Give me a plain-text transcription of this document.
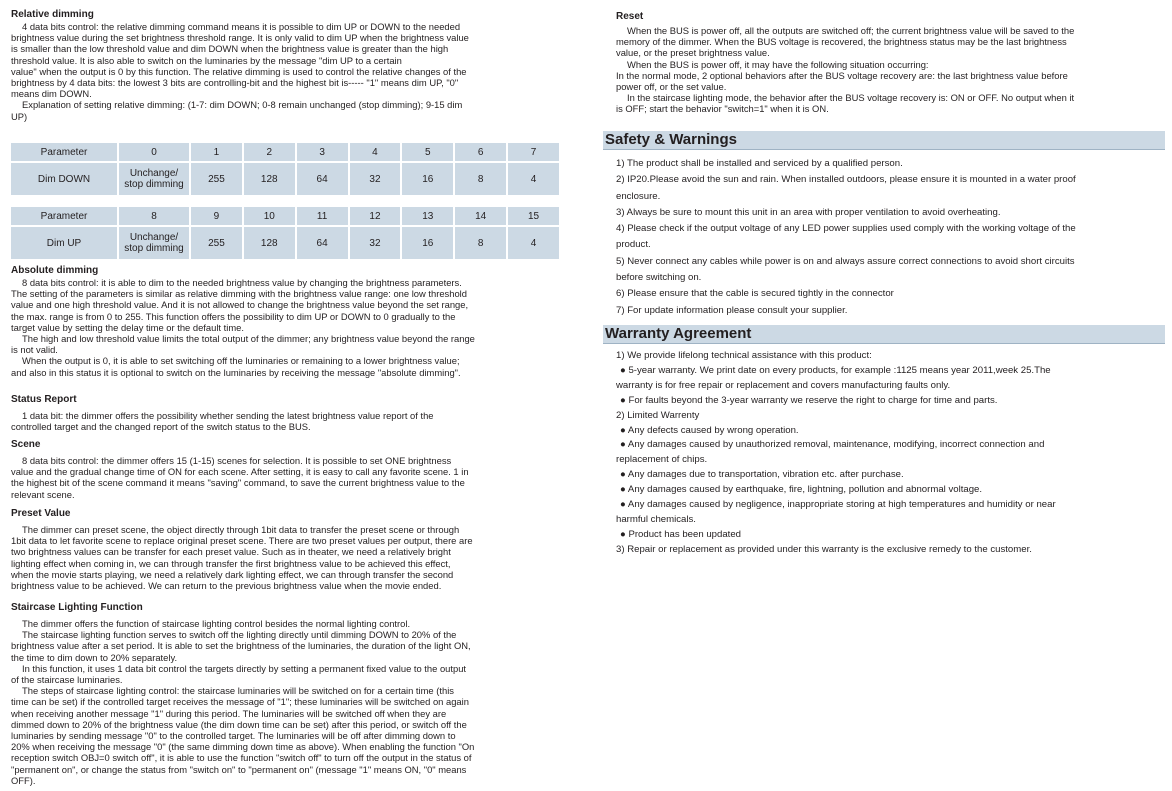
Relative dimming

4 data bits control: the relative dimming command means it is possible to dim UP or DOWN to the needed
brightness value during the set brightness threshold range. It is only valid to dim UP when the brightness value
is smaller than the low threshold value and dim DOWN when the brightness value is greater than the high
threshold value. It is also able to switch on the luminaries by the message "dim UP to a certain
value" when the output is 0 by this function. The relative dimming is used to control the relative changes of the
brightness by 4 data bits: the lowest 3 bits are controlling-bit and the highest bit is----- "1" means dim UP, "0"
means dim DOWN.

Explanation of setting relative dimming: (1-7: dim DOWN; 0-8 remain unchanged (stop dimming); 9-15 dim
UP)

Parameter	0	1	2	3	4	5	6	7
Dim DOWN	Unchange/
stop dimming	255	128	64	32	16	8	4
Parameter	8	9	10	11	12	13	14	15
Dim UP	Unchange/
stop dimming	255	128	64	32	16	8	4

Absolute dimming

8 data bits control: it is able to dim to the needed brightness value by changing the brightness parameters.
The setting of the parameters is similar as relative dimming with the brightness value range: one low threshold
value and one high threshold value. And it is not allowed to change the brightness value beyond the set range,
the max. range is from 0 to 255. This function offers the possibility to dim UP or DOWN to 0 gradually to the
target value by setting the delay time or the default time.

The high and low threshold value limits the total output of the dimmer; any brightness value beyond the range
is not valid.

When the output is 0, it is able to set switching off the luminaries or remaining to a lower brightness value;
and also in this status it is optional to switch on the luminaries by receiving the message "absolute dimming".

Status Report

1 data bit: the dimmer offers the possibility whether sending the latest brightness value report of the
controlled target and the changed report of the switch status to the BUS.

Scene

8 data bits control: the dimmer offers 15 (1-15) scenes for selection. It is possible to set ONE brightness
value and the gradual change time of ON for each scene. After setting, it is easy to call any favorite scene. 1 in
the highest bit of the scene command it means "saving" command, to save the current brightness value to the
relevant scene.

Preset Value

The dimmer can preset scene, the object directly through 1bit data to transfer the preset scene or through
1bit data to let favorite scene to replace original preset scene. There are two preset values per output, there are
two brightness values can be transfer for each preset value. Such as in theater, we need a relatively bright
lighting effect when coming in, we can through transfer the first brightness value to be achieved this effect,
when the movie starts playing, we need a relatively dark lighting effect, we can through transfer the second
brightness value to be achieved. We can return to the previous brightness value when the movie ended.

Staircase Lighting Function

The dimmer offers the function of staircase lighting control besides the normal lighting control.

The staircase lighting function serves to switch off the lighting directly until dimming DOWN to 20% of the
brightness value after a set period. It is able to set the brightness of the luminaries, the duration of the light ON,
the time to dim down to 20% separately.

In this function, it uses 1 data bit control the targets directly by setting a permanent fixed value to the output
of the staircase luminaries.

The steps of staircase lighting control: the staircase luminaries will be switched on for a certain time (this
time can be set) if the controlled target receives the message of "1"; these luminaries will be switched on again
when receiving another message "1" during this period. The luminaries will be switched off when they are
dimmed down to 20% of the brightness value (the dim down time can be set) after this period, or switch off the
luminaries by sending message "0" to the controlled target. The luminaries will be off after dimming down to
20% when receiving the message "0" (the same dimming down time as above). When enabling the function "On
reception switch OBJ=0 switch off", it is able to use the function "switch off" to turn off the output in the status of
"permanent on", or change the status from "switch on" to "permanent on" (message "1" means ON, "0" means
OFF).

Reset

When the BUS is power off, all the outputs are switched off; the current brightness value will be saved to the
memory of the dimmer. When the BUS voltage is recovered, the brightness status may be the last brightness
value, or the preset brightness value.

When the BUS is power off, it may have the following situation occurring:

In the normal mode, 2 optional behaviors after the BUS voltage recovery are: the last brightness value before
power off, or the set value.

In the staircase lighting mode, the behavior after the BUS voltage recovery is: ON or OFF. No output when it
is OFF; start the behavior "switch=1" when it is ON.

Safety & Warnings

1) The product shall be installed and serviced by a qualified person.

2) IP20.Please avoid the sun and rain. When installed outdoors, please ensure it is mounted in a water proof
enclosure.

3) Always be sure to mount this unit in an area with proper ventilation to avoid overheating.

4) Please check if the output voltage of any LED power supplies used comply with the working voltage of the
product.

5) Never connect any cables while power is on and always assure correct connections to avoid short circuits
before switching on.

6) Please ensure that the cable is secured tightly in the connector

7) For update information please consult your supplier.

Warranty Agreement

1) We provide lifelong technical assistance with this product:

● 5-year warranty. We print date on every products, for example :1125 means year 2011,week 25.The

warranty is for free repair or replacement and covers manufacturing faults only.

● For faults beyond the 3-year warranty we reserve the right to charge for time and parts.

2) Limited Warrenty

● Any defects caused by wrong operation.

● Any damages caused by unauthorized removal, maintenance, modifying, incorrect connection and

replacement of chips.

● Any damages due to transportation, vibration etc. after purchase.

● Any damages caused by earthquake, fire, lightning, pollution and abnormal voltage.

● Any damages caused by negligence, inappropriate storing at high temperatures and humidity or near

harmful chemicals.

● Product has been updated

3) Repair or replacement as provided under this warranty is the exclusive remedy to the customer.
